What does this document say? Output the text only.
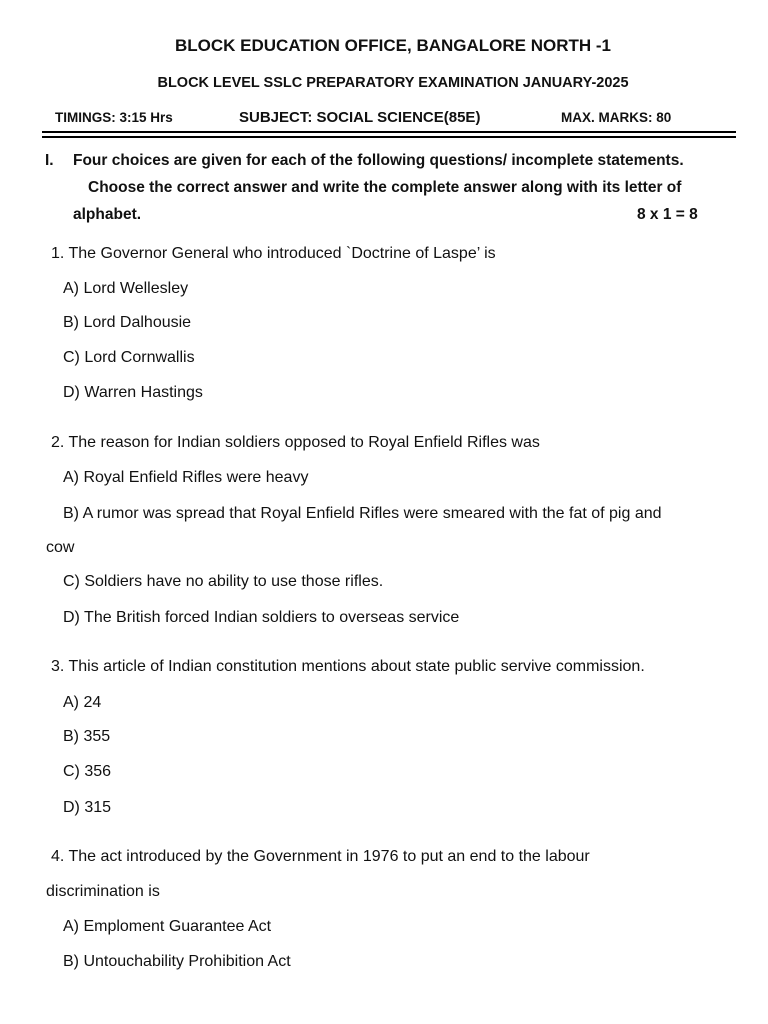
BLOCK EDUCATION OFFICE, BANGALORE NORTH -1
BLOCK LEVEL SSLC PREPARATORY EXAMINATION JANUARY-2025
TIMINGS: 3:15 Hrs	SUBJECT: SOCIAL SCIENCE(85E)	MAX. MARKS: 80
I. Four choices are given for each of the following questions/ incomplete statements.
Choose the correct answer and write the complete answer along with its letter of
alphabet.	8 x 1 = 8
1. The Governor General who introduced `Doctrine of Laspe’ is
A) Lord Wellesley
B) Lord Dalhousie
C) Lord Cornwallis
D) Warren Hastings
2. The reason for Indian soldiers opposed to Royal Enfield Rifles was
A) Royal Enfield Rifles were heavy
B) A rumor was spread that Royal Enfield Rifles were smeared with the fat of pig and
cow
C) Soldiers have no ability to use those rifles.
D) The British forced Indian soldiers to overseas service
3. This article of Indian constitution mentions about state public servive commission.
A) 24
B) 355
C) 356
D) 315
4. The act introduced by the Government in 1976 to put an end to the labour
discrimination is
A) Emploment Guarantee Act
B) Untouchability Prohibition Act
